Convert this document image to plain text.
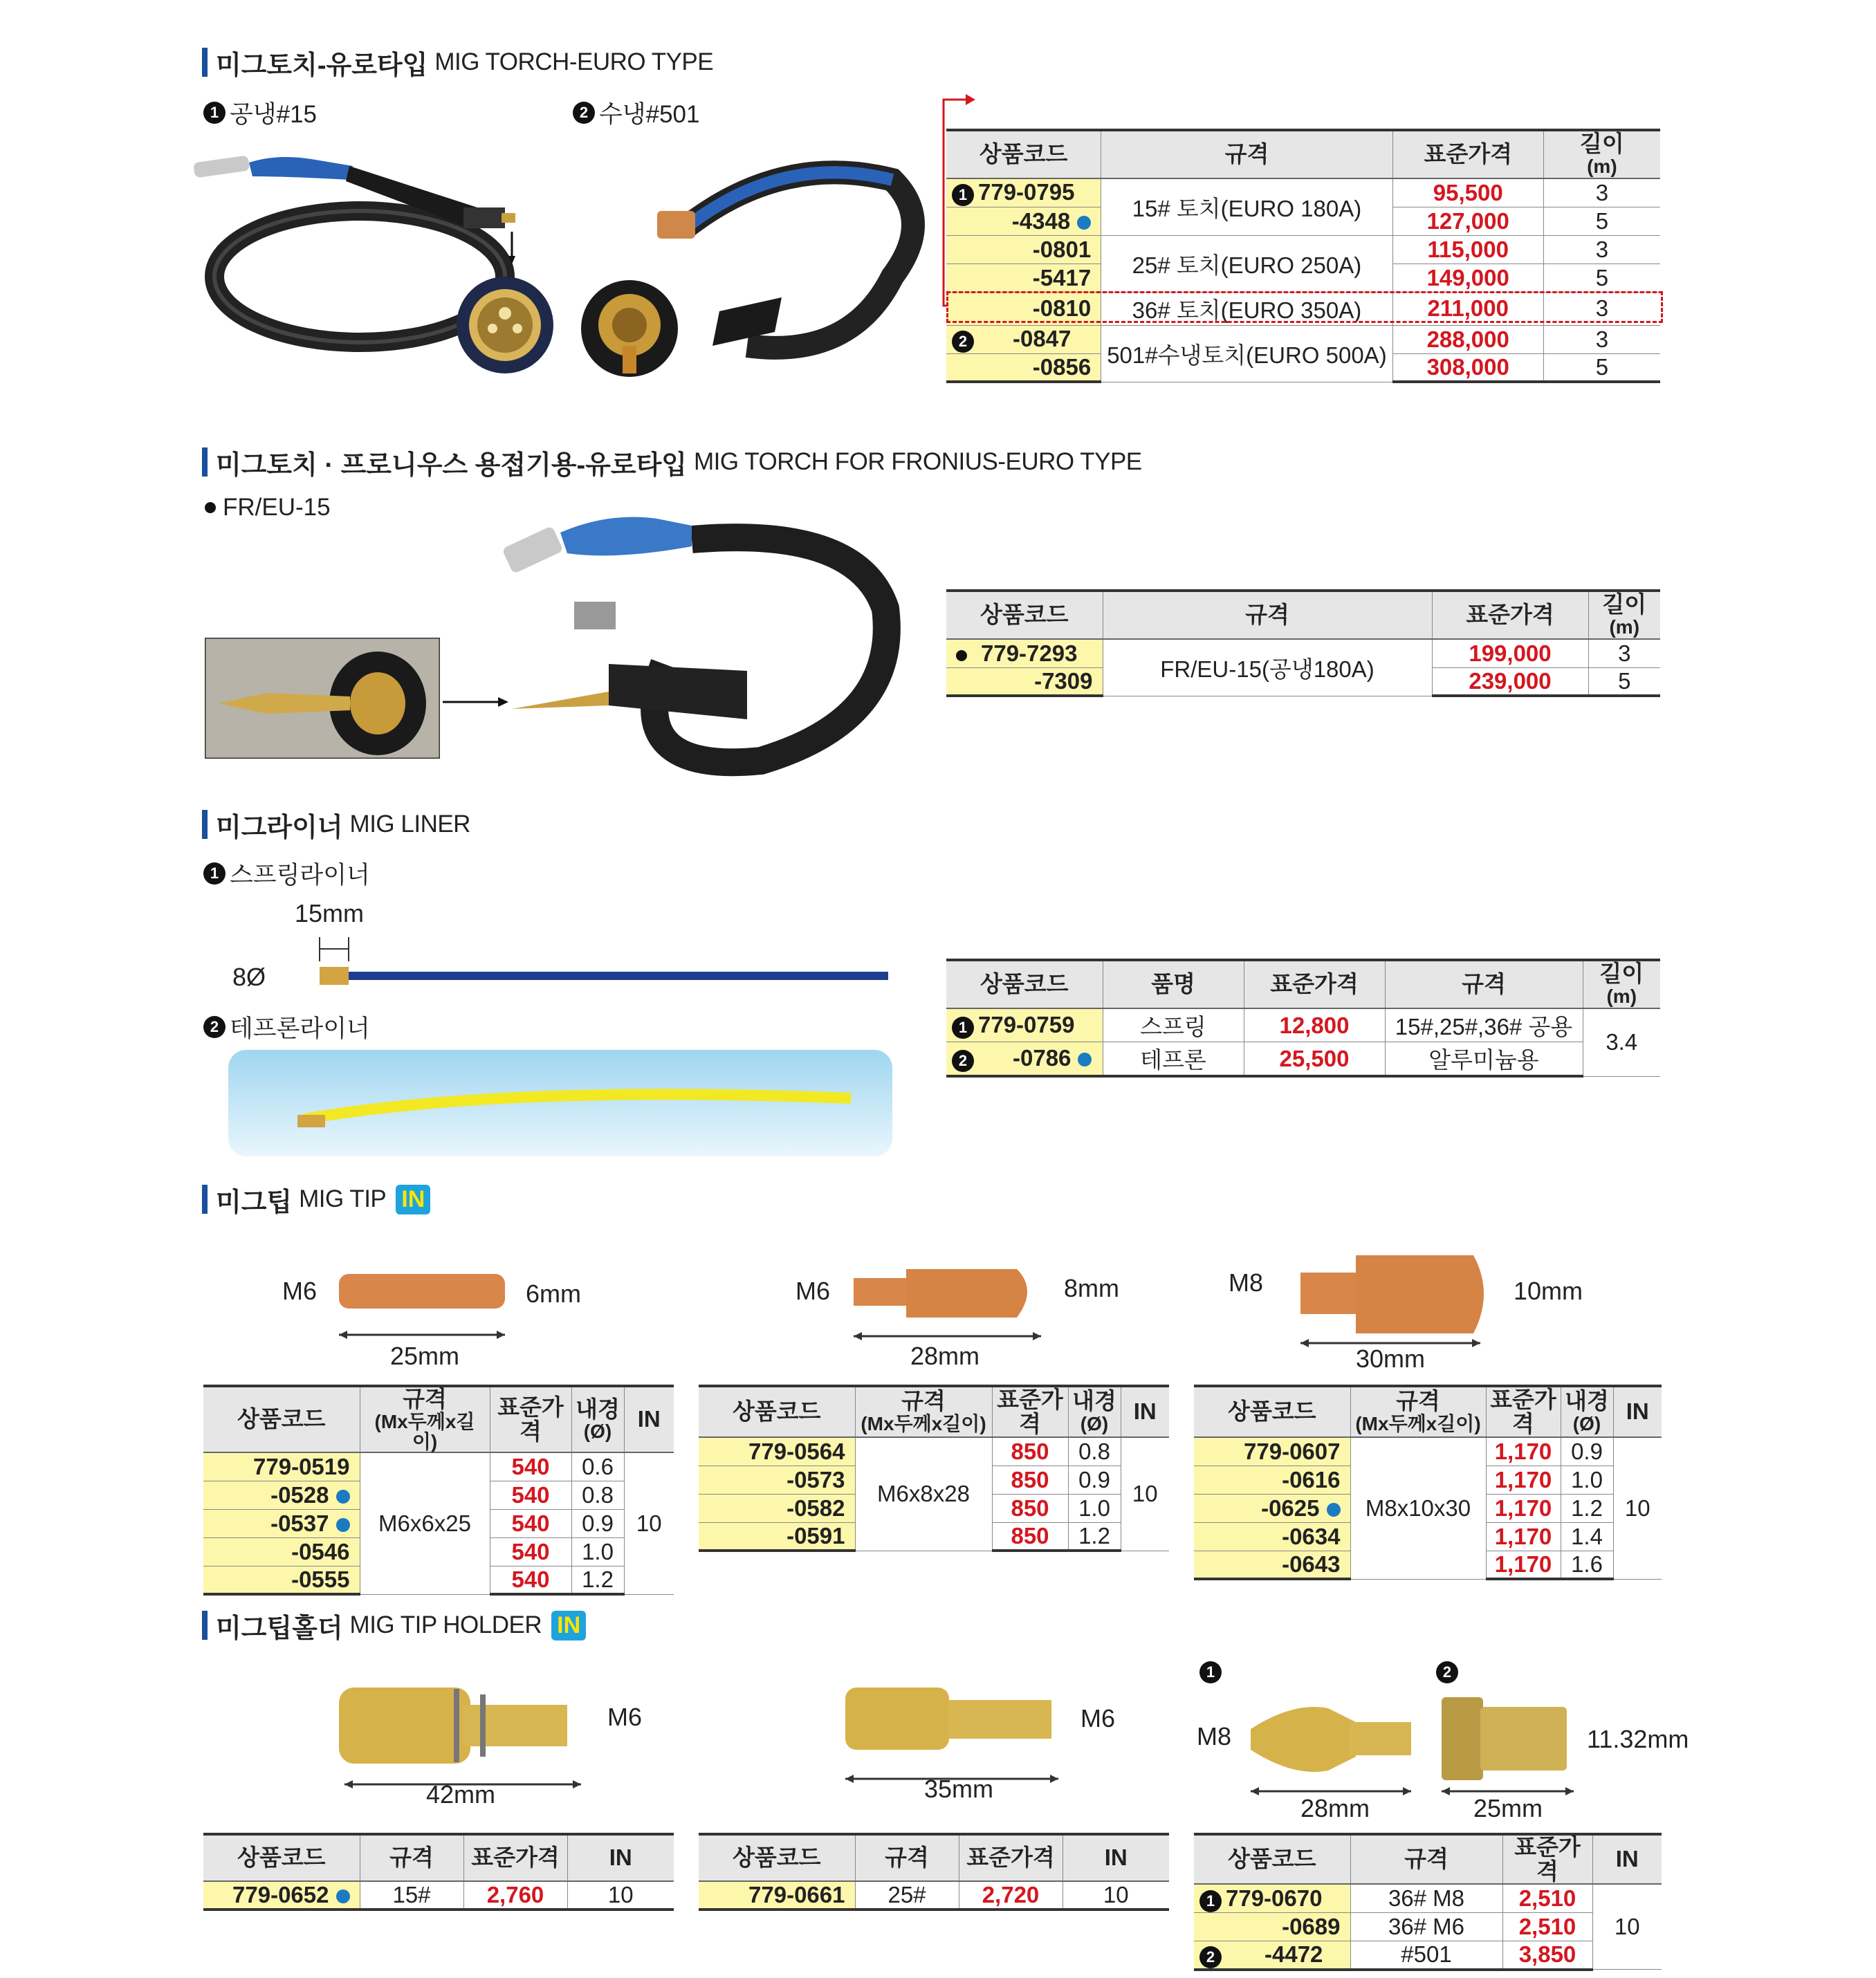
미그토치-유로타입 MIG TORCH-EURO TYPE
1 공냉#15	2 수냉#501
상품코드	규격	표준가격	길이
(m)

1 779-0795	15# 토치(EURO 180A)	95,500	3
-4348		127,000	5
-0801	25# 토치(EURO 250A)	115,000	3
-5417		149,000	5
-0810	36# 토치(EURO 350A)	211,000	3
2 -0847	501#수냉토치(EURO 500A)	288,000	3
-0856		308,000	5
미그토치 · 프로니우스 용접기용-유로타입 MIG TORCH FOR FRONIUS-EURO TYPE
FR/EU-15
상품코드	규격	표준가격	길이
(m)

779-7293	FR/EU-15(공냉180A)	199,000	3
-7309		239,000	5
미그라이너 MIG LINER
1 스프링라이너
15mm
8Ø
2 테프론라이너
상품코드	품명	표준가격	규격	길이
(m)

1 779-0759	스프링	12,800	15#,25#,36# 공용	3.4
2 -0786	테프론	25,500	알루미늄용	
미그팁 MIG TIP IN
M6	6mm
25mm
M6	8mm
28mm
M8	10mm
30mm
상품코드	규격
(Mx두께x길이)	표준가격	내경
(Ø)	IN
779-0519	M6x6x25	540	0.6	10
-0528		540	0.8	
-0537		540	0.9	
-0546		540	1.0	
-0555		540	1.2	
상품코드	규격
(Mx두께x길이)	표준가격	내경
(Ø)	IN
779-0564	M6x8x28	850	0.8	10
-0573		850	0.9	
-0582		850	1.0	
-0591		850	1.2	
상품코드	규격
(Mx두께x길이)	표준가격	내경
(Ø)	IN
779-0607	M8x10x30	1,170	0.9	10
-0616		1,170	1.0	
-0625		1,170	1.2	
-0634		1,170	1.4	
-0643		1,170	1.6	
미그팁홀더 MIG TIP HOLDER IN
M6
42mm
M6
35mm
1	2
M8
28mm
11.32mm
25mm
상품코드	규격	표준가격	IN
779-0652	15#	2,760	10
상품코드	규격	표준가격	IN
779-0661	25#	2,720	10
상품코드	규격	표준가격	IN
1 779-0670	36# M8	2,510	10
-0689	36# M6	2,510	
2 -4472	#501	3,850	
